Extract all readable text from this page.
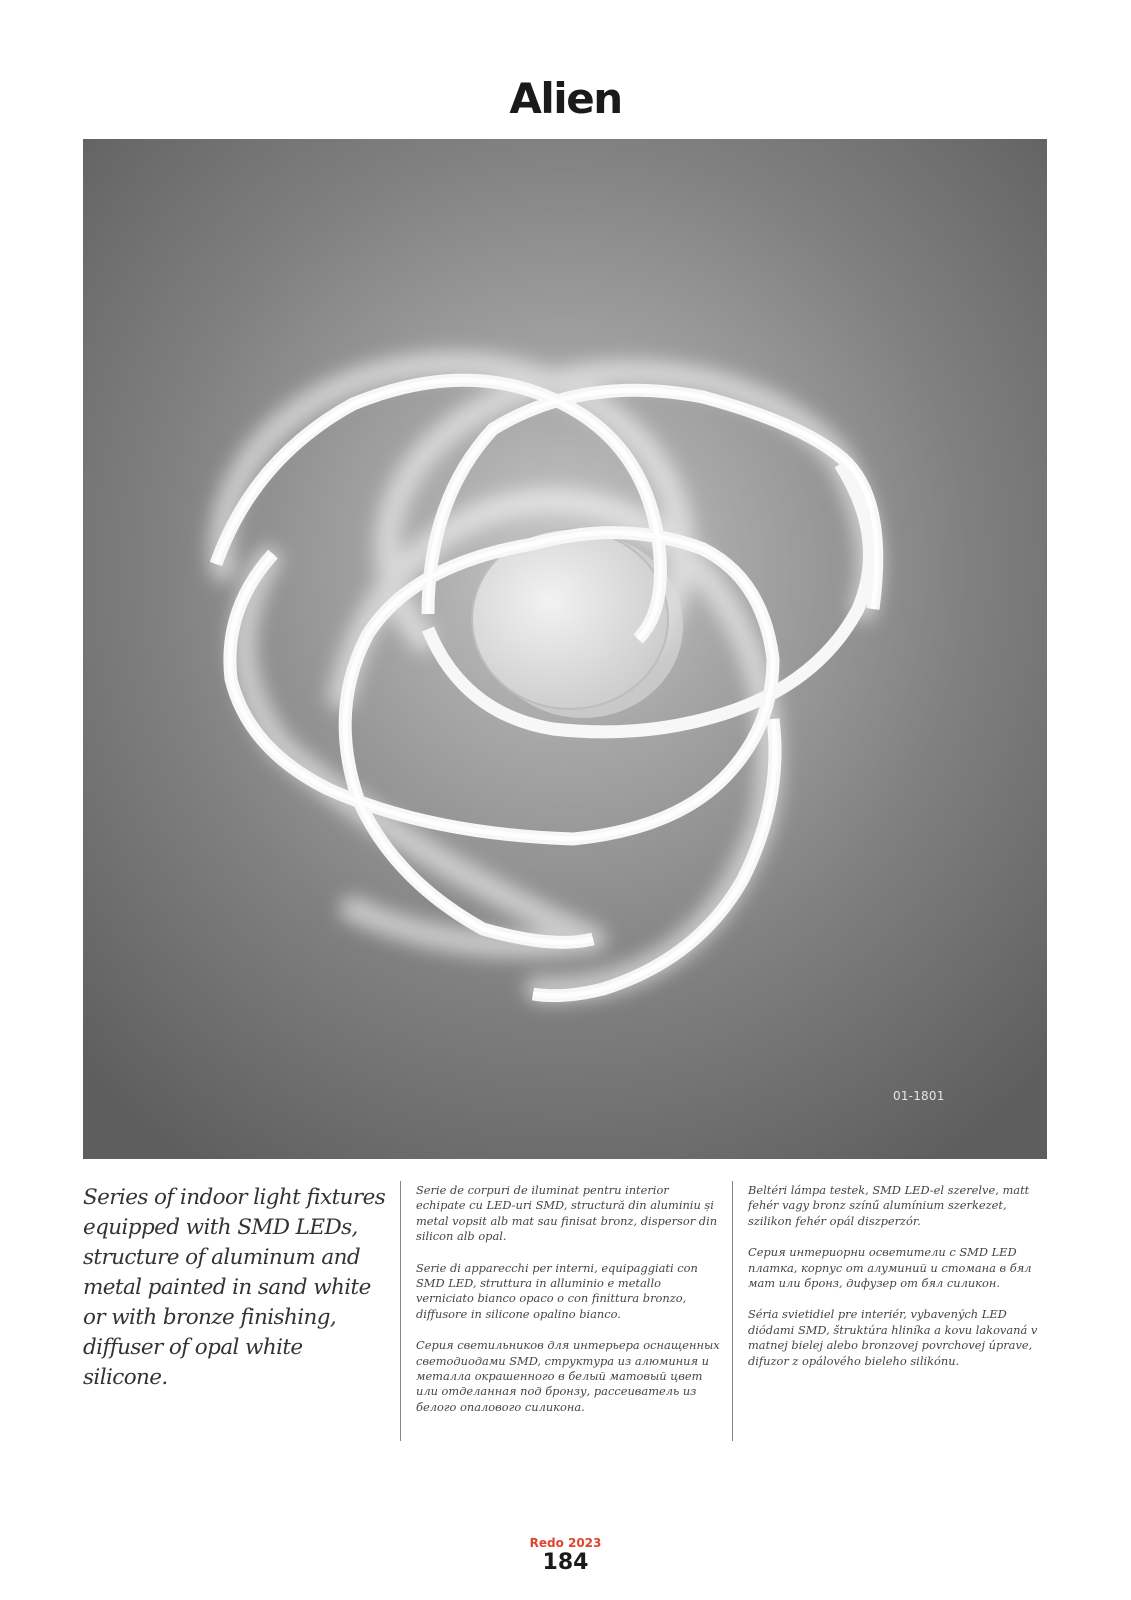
Alien
01-1801

Series of indoor light fixtures equipped with SMD LEDs, structure of aluminum and metal painted in sand white or with bronze finishing, diffuser of opal white silicone.

Serie de corpuri de iluminat pentru interior echipate cu LED-uri SMD, structură din aluminiu și metal vopsit alb mat sau finisat bronz, dispersor din silicon alb opal.

Serie di apparecchi per interni, equipaggiati con SMD LED, struttura in alluminio e metallo verniciato bianco opaco o con finittura bronzo, diffusore in silicone opalino bianco.

Серия светильников для интерьера оснащенных светодиодами SMD, структура из алюминия и металла окрашенного в белый матовый цвет или отделанная под бронзу, рассеиватель из белого опалового силикона.

Beltéri lámpa testek, SMD LED-el szerelve, matt fehér vagy bronz színű alumínium szerkezet, szilikon fehér opál diszperzór.

Серия интериорни осветители с SMD LED платка, корпус от алуминий и стомана в бял мат или бронз, дифузер от бял силикон.

Séria svietidiel pre interiér, vybavených LED diódami SMD, štruktúra hliníka a kovu lakovaná v matnej bielej alebo bronzovej povrchovej úprave, difuzor z opálového bieleho silikónu.

Redo 2023
184
